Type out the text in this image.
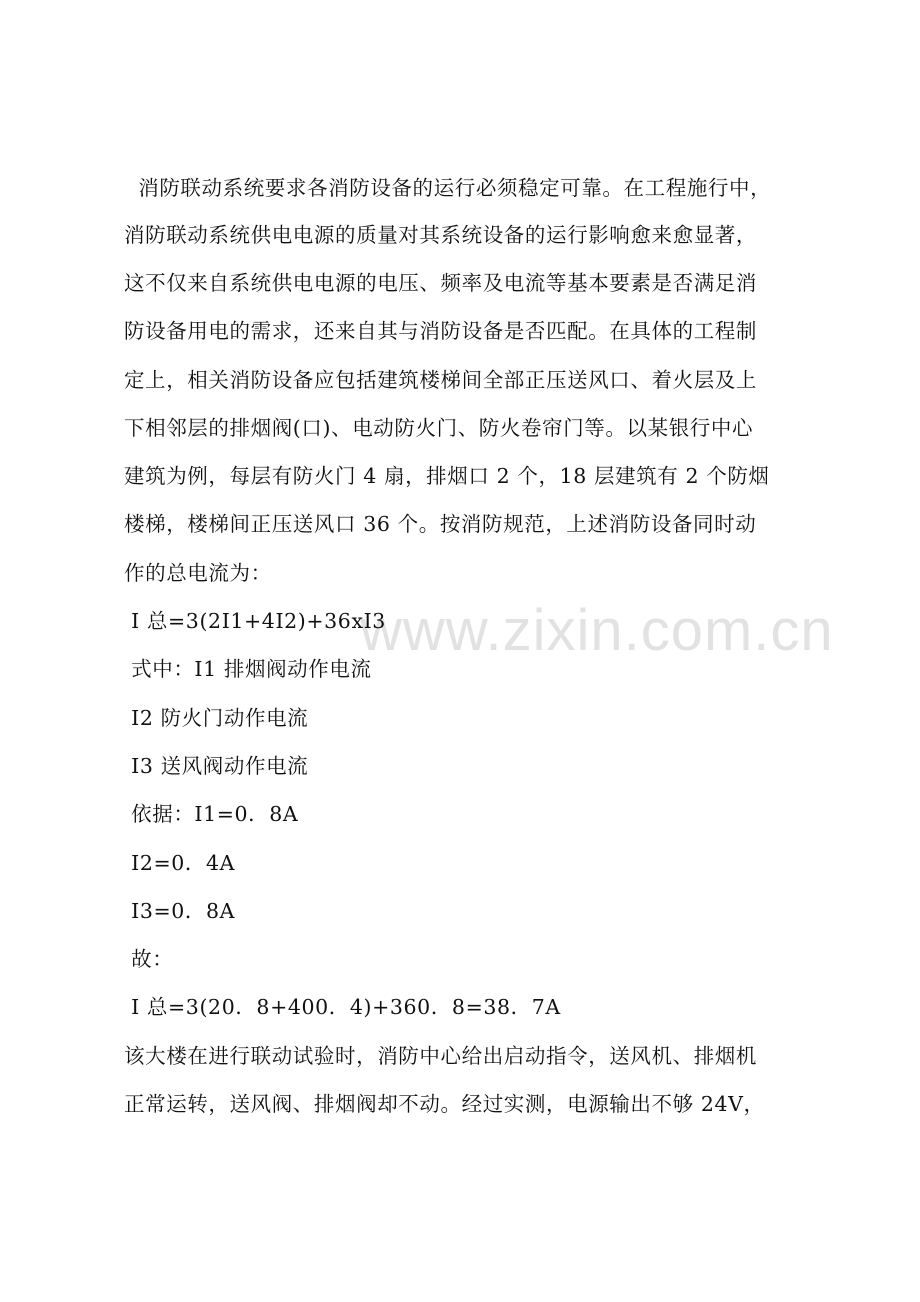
www.zixin.com.cn
消防联动系统要求各消防设备的运行必须稳定可靠。在工程施行中，
消防联动系统供电电源的质量对其系统设备的运行影响愈来愈显著，
这不仅来自系统供电电源的电压、频率及电流等基本要素是否满足消
防设备用电的需求，还来自其与消防设备是否匹配。在具体的工程制
定上，相关消防设备应包括建筑楼梯间全部正压送风口、着火层及上
下相邻层的排烟阀(口)、电动防火门、防火卷帘门等。以某银行中心
建筑为例，每层有防火门 4 扇，排烟口 2 个，18 层建筑有 2 个防烟
楼梯，楼梯间正压送风口 36 个。按消防规范，上述消防设备同时动
作的总电流为：
I 总=3(2I1+4I2)+36xI3
式中：I1 排烟阀动作电流
I2 防火门动作电流
I3 送风阀动作电流
依据：I1=0．8A
I2=0．4A
I3=0．8A
故：
I 总=3(20．8+400．4)+360．8=38．7A
该大楼在进行联动试验时，消防中心给出启动指令，送风机、排烟机
正常运转，送风阀、排烟阀却不动。经过实测，电源输出不够 24V，
